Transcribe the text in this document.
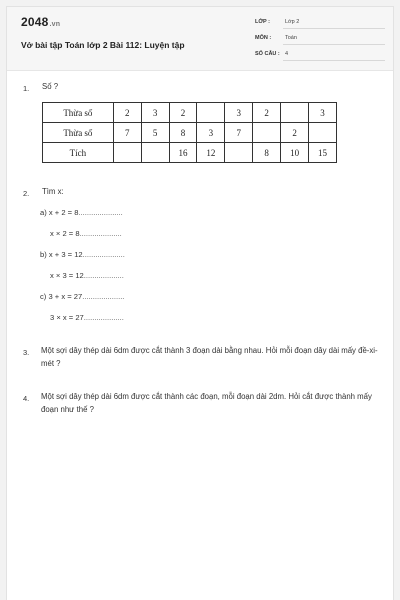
2048.vn
Vở bài tập Toán lớp 2 Bài 112: Luyện tập
LỚP :	Lớp 2
MÔN :	Toán
SỐ CÂU : 4
1. Số ?
2. Tìm x:
3. Một sợi dây thép dài 6dm được cắt thành 3 đoạn dài bằng nhau. Hỏi mỗi đoạn dây dài mấy đề-xi-mét ?
4. Một sợi dây thép dài 6dm được cắt thành các đoạn, mỗi đoạn dài 2dm. Hỏi cắt được thành mấy đoạn như thế ?
Thừa số	2	3	2		3	2		3
Thừa số	7	5	8	3	7		2	
Tích			16	12		8	10	15
a) x + 2 = 8.....................
x × 2 = 8....................
b) x + 3 = 12....................
x × 3 = 12...................
c) 3 + x = 27....................
3 × x = 27...................
